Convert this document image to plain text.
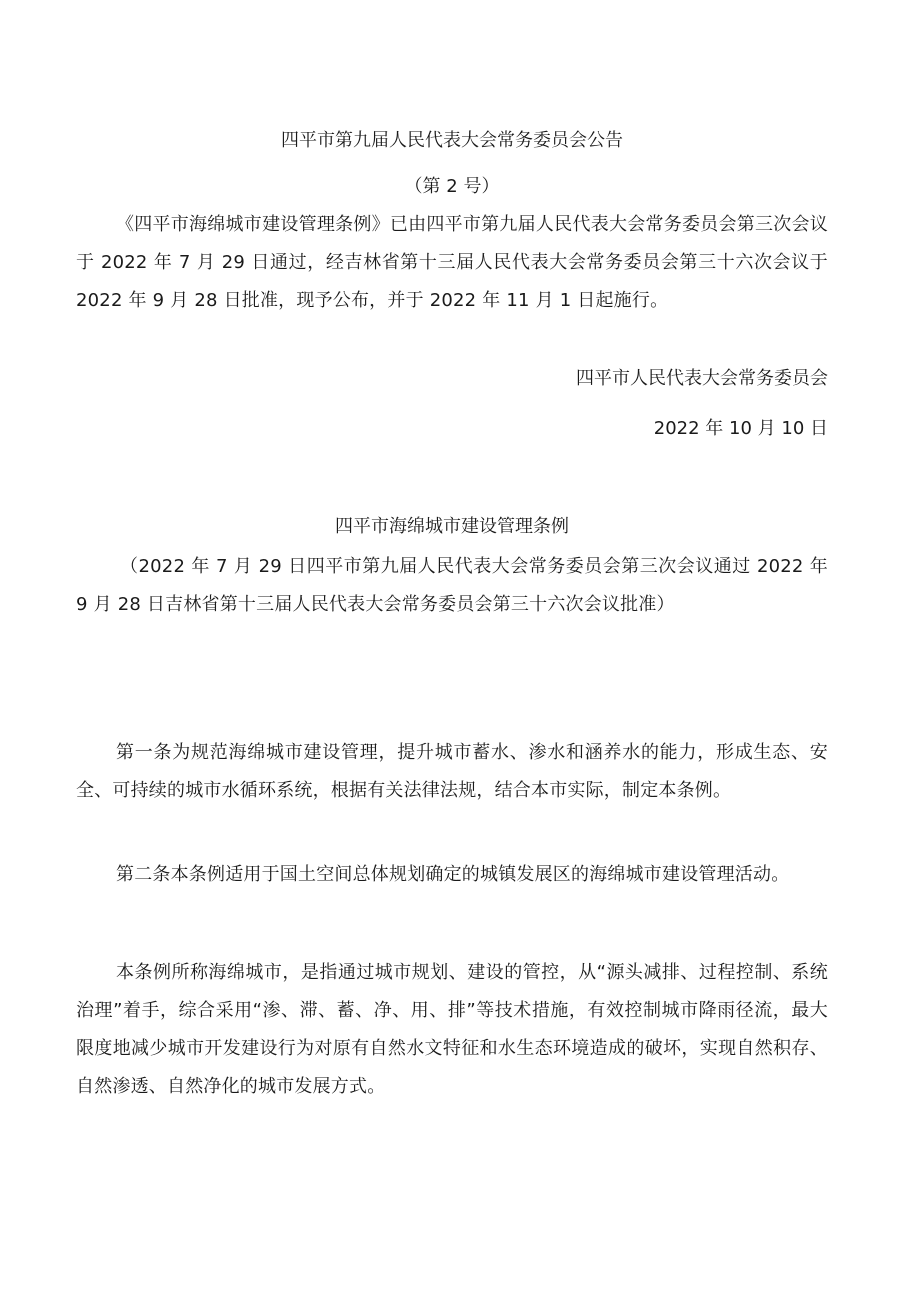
四平市第九届人民代表大会常务委员会公告
（第 2 号）
《四平市海绵城市建设管理条例》已由四平市第九届人民代表大会常务委员会第三次会议于 2022 年 7 月 29 日通过，经吉林省第十三届人民代表大会常务委员会第三十六次会议于 2022 年 9 月 28 日批准，现予公布，并于 2022 年 11 月 1 日起施行。
四平市人民代表大会常务委员会
2022 年 10 月 10 日
四平市海绵城市建设管理条例
（2022 年 7 月 29 日四平市第九届人民代表大会常务委员会第三次会议通过 2022 年 9 月 28 日吉林省第十三届人民代表大会常务委员会第三十六次会议批准）
第一条为规范海绵城市建设管理，提升城市蓄水、渗水和涵养水的能力，形成生态、安全、可持续的城市水循环系统，根据有关法律法规，结合本市实际，制定本条例。
第二条本条例适用于国土空间总体规划确定的城镇发展区的海绵城市建设管理活动。
本条例所称海绵城市，是指通过城市规划、建设的管控，从“源头减排、过程控制、系统治理”着手，综合采用“渗、滞、蓄、净、用、排”等技术措施，有效控制城市降雨径流，最大限度地减少城市开发建设行为对原有自然水文特征和水生态环境造成的破坏，实现自然积存、自然渗透、自然净化的城市发展方式。
